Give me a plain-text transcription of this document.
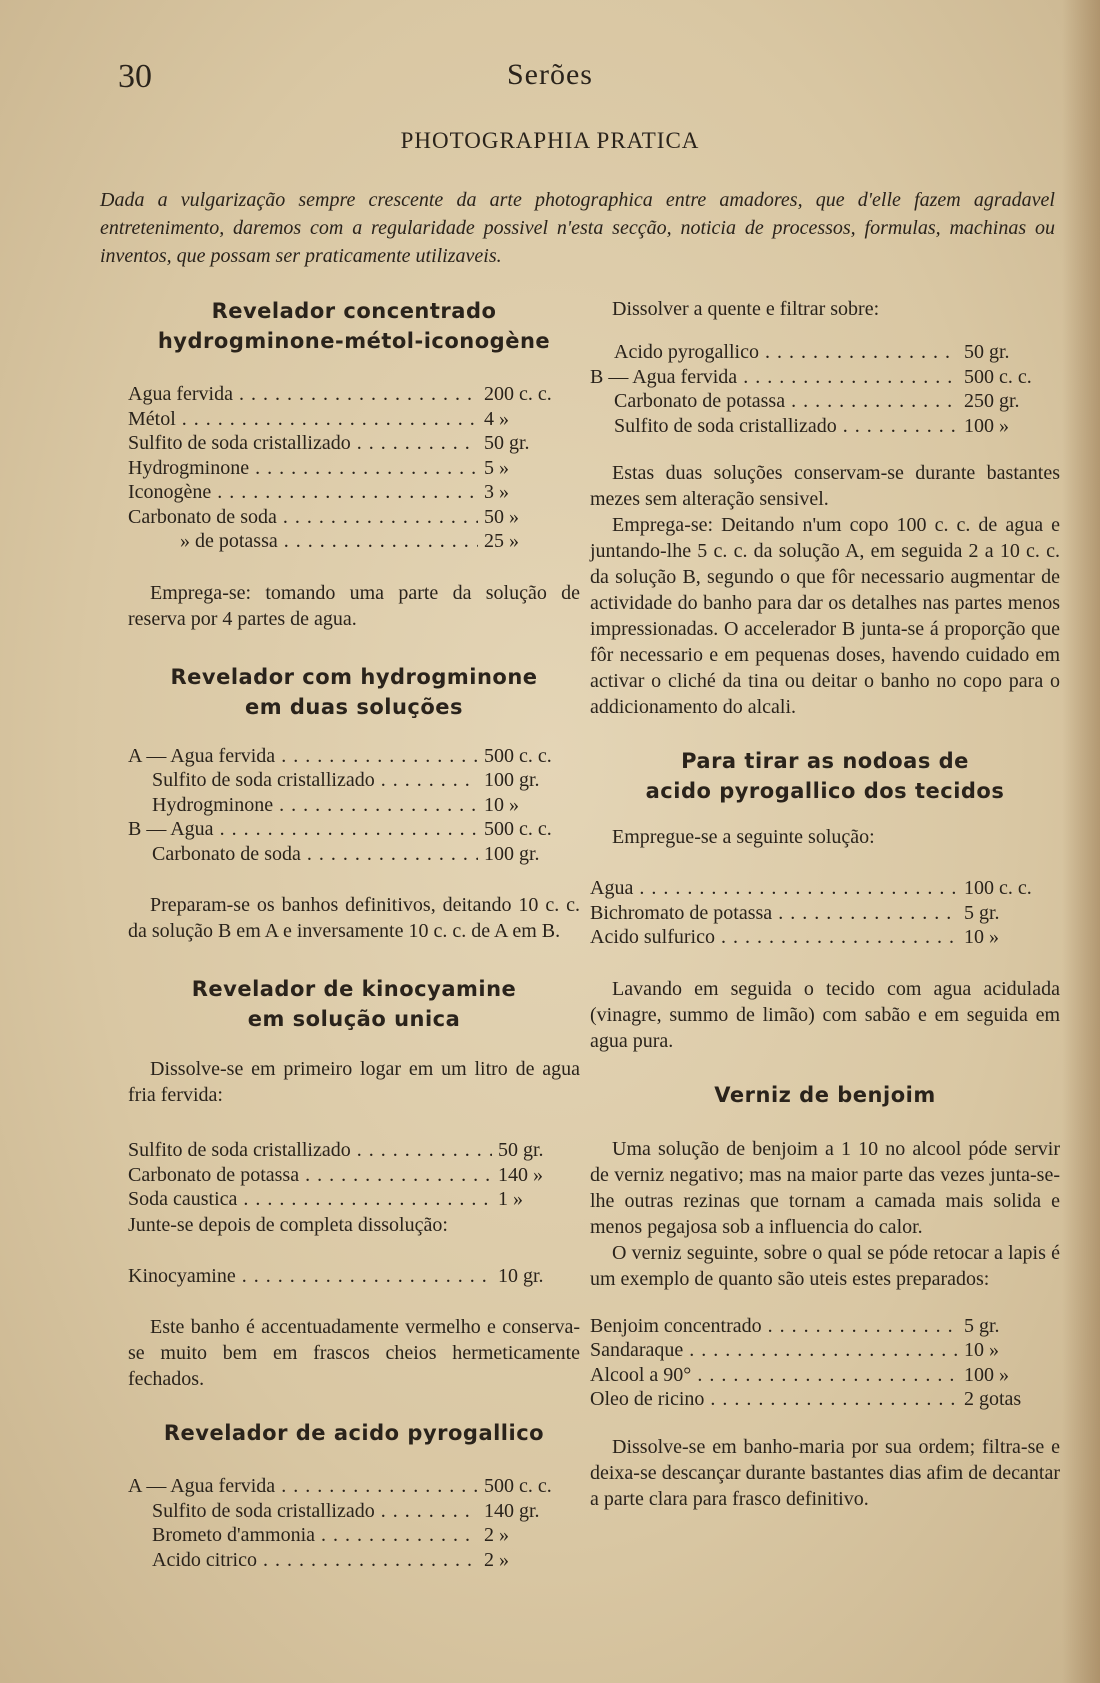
30	Serões
PHOTOGRAPHIA PRATICA
Dada a vulgarização sempre crescente da arte photographica entre amadores, que d'elle fazem agradavel entretenimento, daremos com a regularidade possivel n'esta secção, noticia de processos, formulas, machinas ou inventos, que possam ser praticamente utilizaveis.
Revelador concentrado
hydrogminone-métol-iconogène
Agua fervida . . .	200 c. c.
Métol . . .	4 »
Sulfito de soda cristallizado . . .	50 gr.
Hydrogminone . . .	5 »
Iconogène . . .	3 »
Carbonato de soda . . .	50 »
» de potassa . . .	25 »

Emprega-se: tomando uma parte da solução de reserva por 4 partes de agua.

Revelador com hydrogminone
em duas soluções
A — Agua fervida . . .	500 c. c.
Sulfito de soda cristallizado . . .	100 gr.
Hydrogminone . . .	10 »
B — Agua . . .	500 c. c.
Carbonato de soda . . .	100 gr.

Preparam-se os banhos definitivos, deitando 10 c. c. da solução B em A e inversamente 10 c. c. de A em B.

Revelador de kinocyamine
em solução unica

Dissolve-se em primeiro logar em um litro de agua fria fervida:

Sulfito de soda cristallizado . . .	50 gr.
Carbonato de potassa . . .	140 »
Soda caustica . . .	1 »

Junte-se depois de completa dissolução:

Kinocyamine . . .	10 gr.

Este banho é accentuadamente vermelho e conserva-se muito bem em frascos cheios hermeticamente fechados.

Revelador de acido pyrogallico
A — Agua fervida . . .	500 c. c.
Sulfito de soda cristallizado . . .	140 gr.
Brometo d'ammonia . . .	2 »
Acido citrico . . .	2 »

Dissolver a quente e filtrar sobre:

Acido pyrogallico . . .	50 gr.
B — Agua fervida . . .	500 c. c.
Carbonato de potassa . . .	250 gr.
Sulfito de soda cristallizado . . .	100 »

Estas duas soluções conservam-se durante bastantes mezes sem alteração sensivel.

Emprega-se: Deitando n'um copo 100 c. c. de agua e juntando-lhe 5 c. c. da solução A, em seguida 2 a 10 c. c. da solução B, segundo o que fôr necessario augmentar de actividade do banho para dar os detalhes nas partes menos impressionadas. O accelerador B junta-se á proporção que fôr necessario e em pequenas doses, havendo cuidado em activar o cliché da tina ou deitar o banho no copo para o addicionamento do alcali.

Para tirar as nodoas de
acido pyrogallico dos tecidos

Empregue-se a seguinte solução:

Agua . . .	100 c. c.
Bichromato de potassa . . .	5 gr.
Acido sulfurico . . .	10 »

Lavando em seguida o tecido com agua acidulada (vinagre, summo de limão) com sabão e em seguida em agua pura.

Verniz de benjoim

Uma solução de benjoim a 1 10 no alcool póde servir de verniz negativo; mas na maior parte das vezes junta-se-lhe outras rezinas que tornam a camada mais solida e menos pegajosa sob a influencia do calor.

O verniz seguinte, sobre o qual se póde retocar a lapis é um exemplo de quanto são uteis estes preparados:

Benjoim concentrado . . .	5 gr.
Sandaraque . . .	10 »
Alcool a 90° . . .	100 »
Oleo de ricino . . .	2 gotas

Dissolve-se em banho-maria por sua ordem; filtra-se e deixa-se descançar durante bastantes dias afim de decantar a parte clara para frasco definitivo.
